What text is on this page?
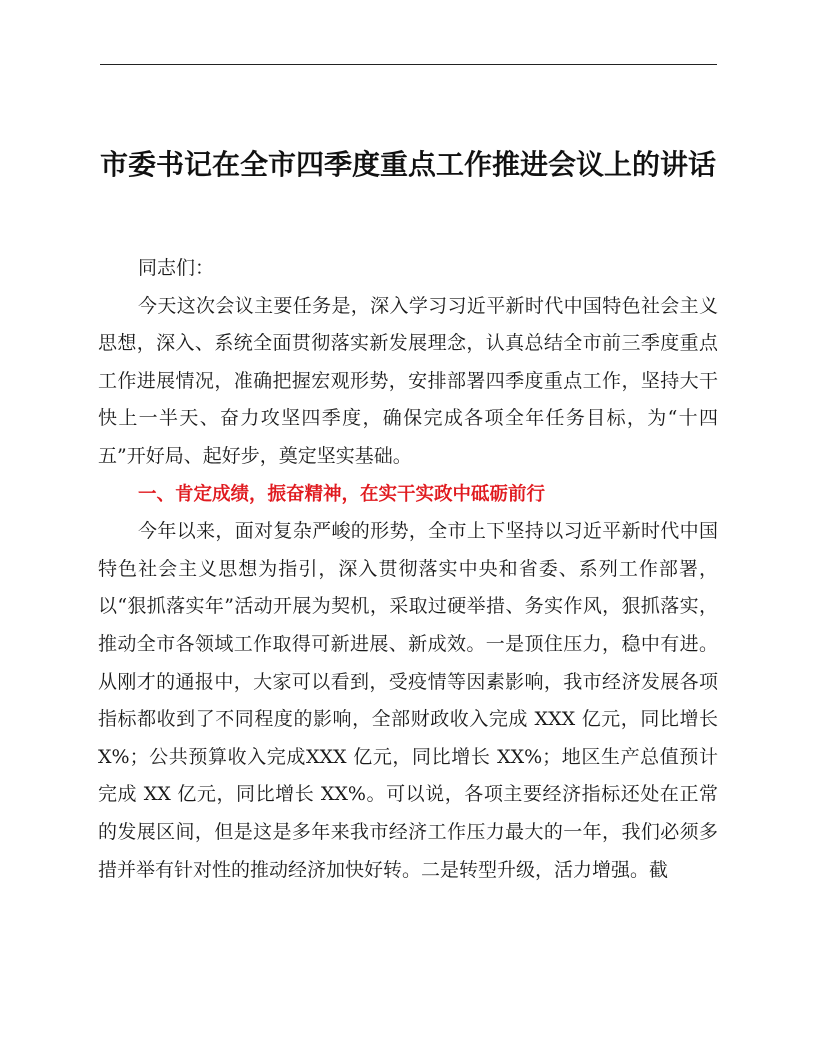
市委书记在全市四季度重点工作推进会议上的讲话

同志们：

今天这次会议主要任务是，深入学习习近平新时代中国特色社会主义思想，深入、系统全面贯彻落实新发展理念，认真总结全市前三季度重点工作进展情况，准确把握宏观形势，安排部署四季度重点工作，坚持大干快上一半天、奋力攻坚四季度，确保完成各项全年任务目标，为“十四五”开好局、起好步，奠定坚实基础。

一、肯定成绩，振奋精神，在实干实政中砥砺前行

今年以来，面对复杂严峻的形势，全市上下坚持以习近平新时代中国特色社会主义思想为指引，深入贯彻落实中央和省委、系列工作部署，以“狠抓落实年”活动开展为契机，采取过硬举措、务实作风，狠抓落实，推动全市各领域工作取得可新进展、新成效。一是顶住压力，稳中有进。从刚才的通报中，大家可以看到，受疫情等因素影响，我市经济发展各项指标都收到了不同程度的影响，全部财政收入完成 XXX 亿元，同比增长 X%；公共预算收入完成XXX 亿元，同比增长 XX%；地区生产总值预计完成 XX 亿元，同比增长 XX%。可以说，各项主要经济指标还处在正常的发展区间，但是这是多年来我市经济工作压力最大的一年，我们必须多措并举有针对性的推动经济加快好转。二是转型升级，活力增强。截
